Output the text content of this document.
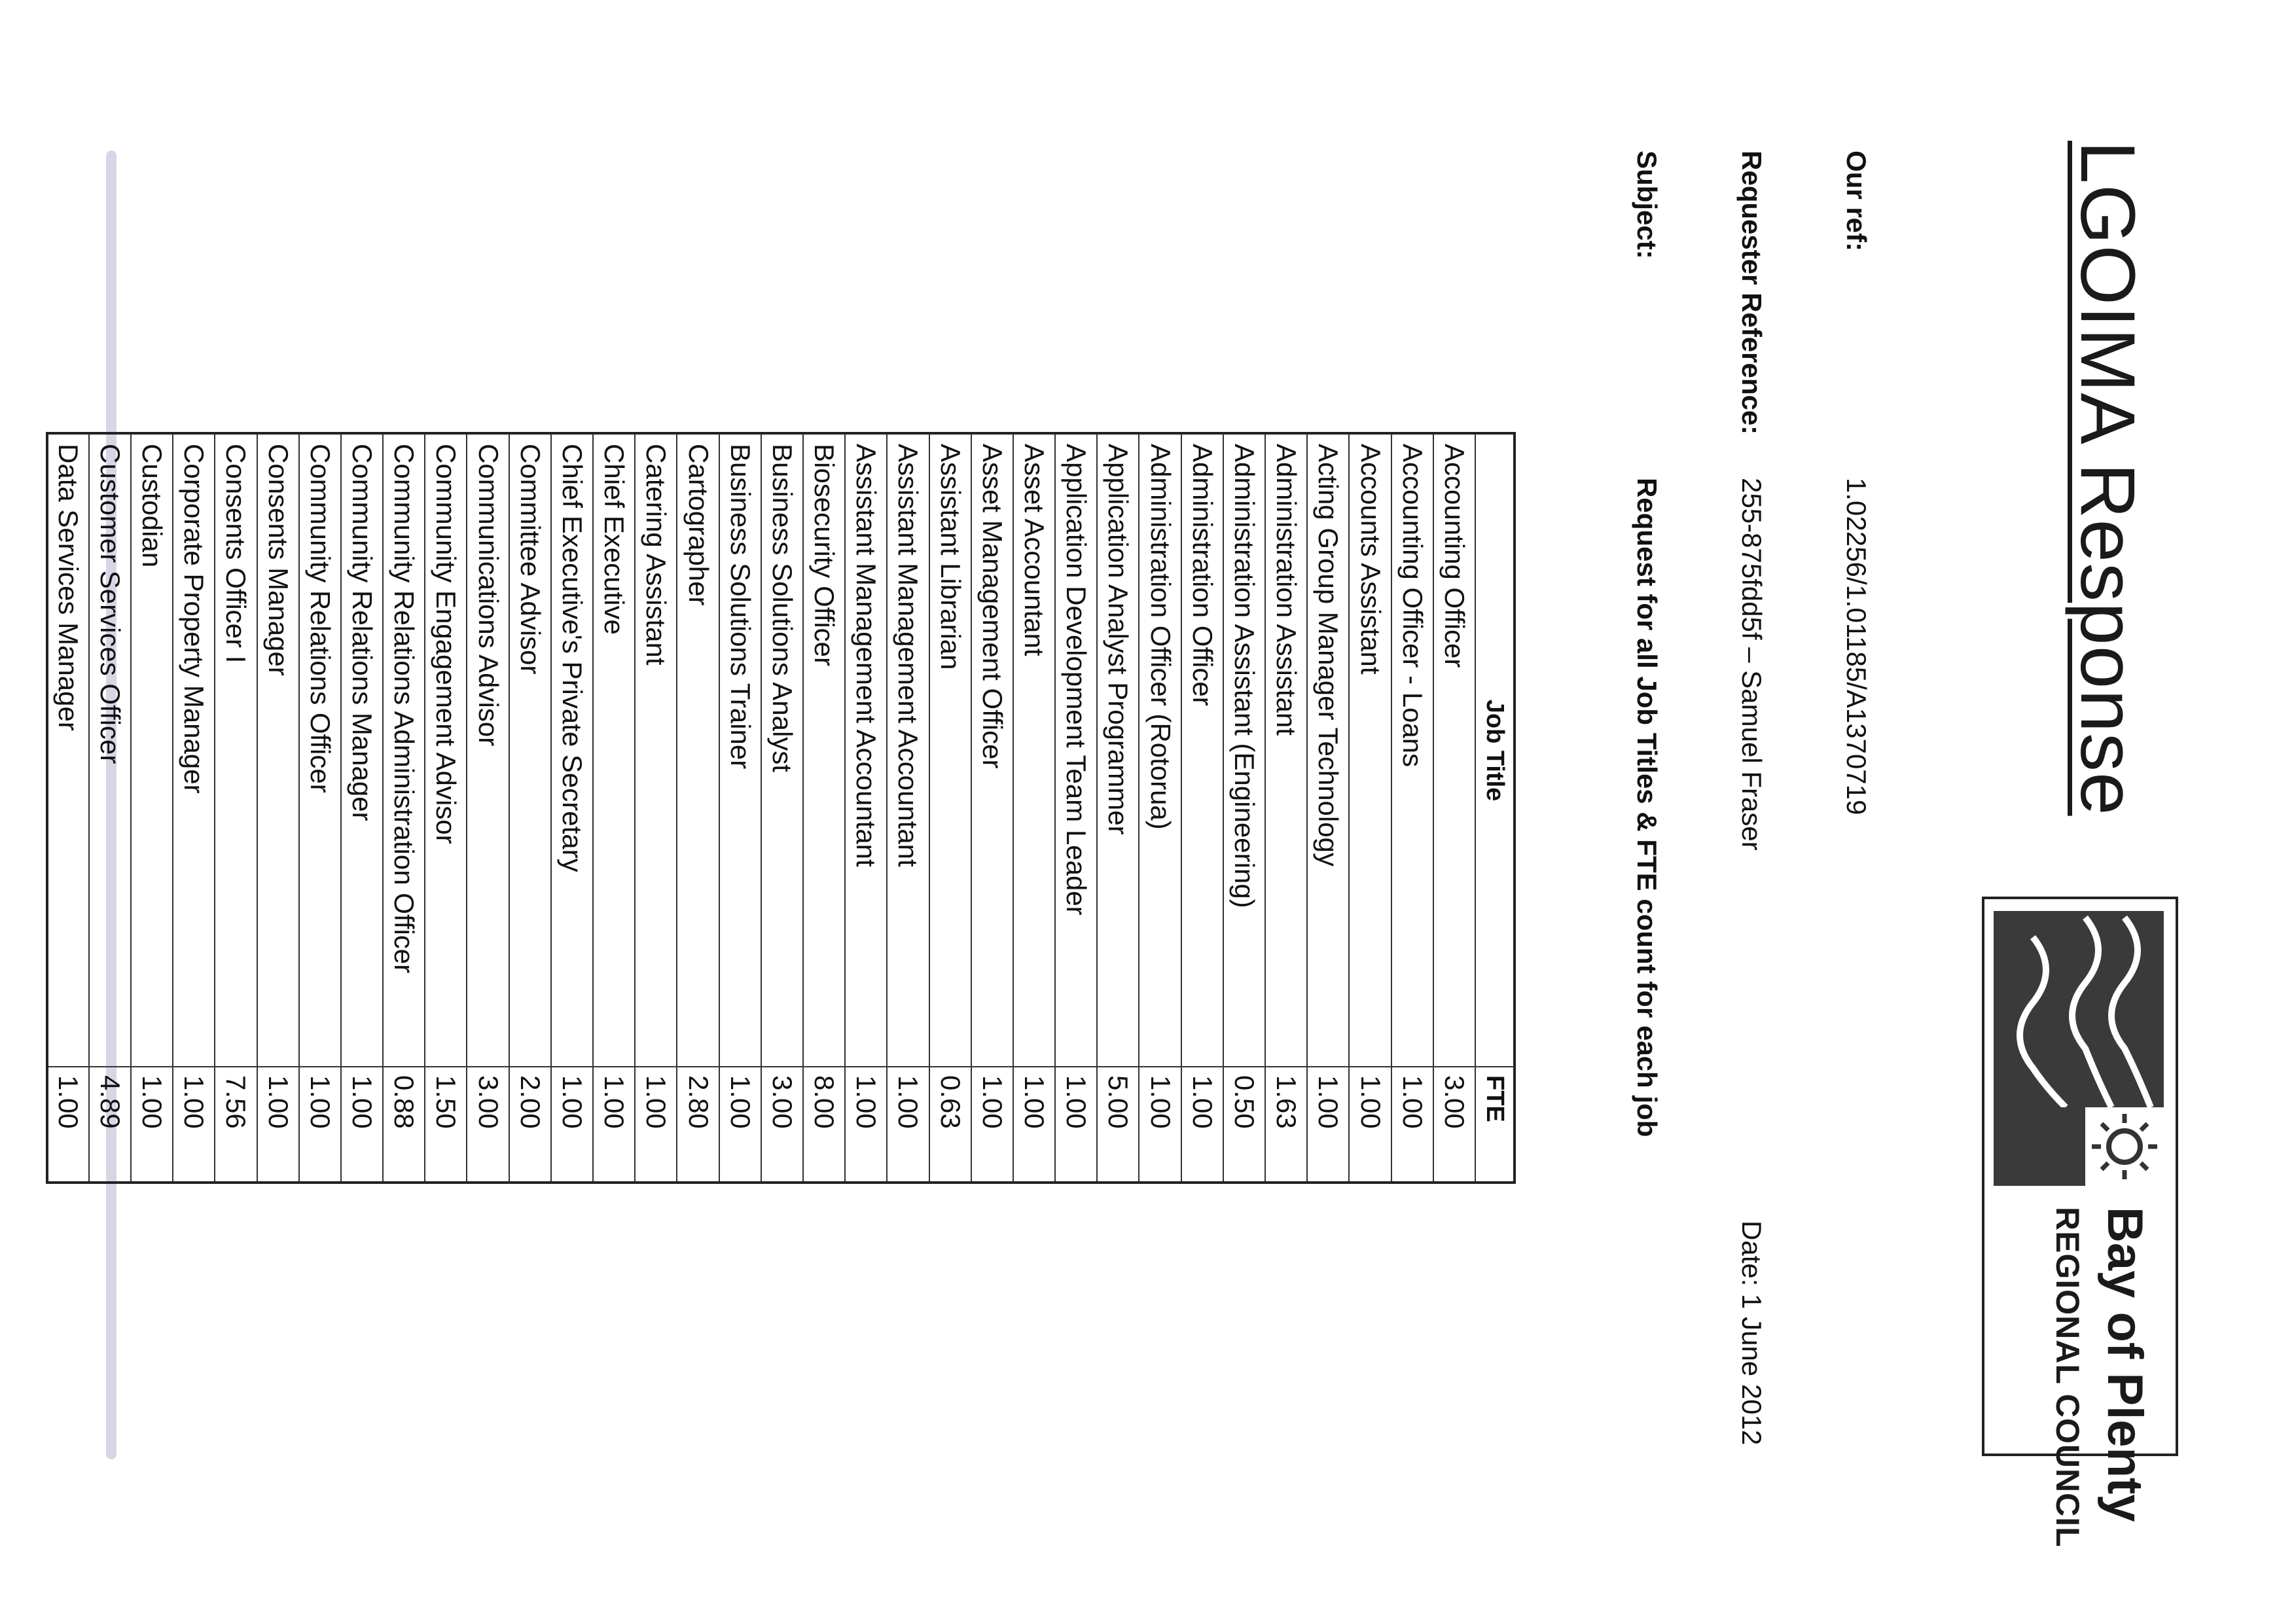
LGOIMA Response
Bay of Plenty
REGIONAL COUNCIL
Our ref:
1.02256/1.01185/A1370719
Requester Reference:
255-875fdd5f – Samuel Fraser
Date: 1 June 2012
Subject:
Request for all Job Titles & FTE count for each job
Job Title	FTE
Accounting Officer	3.00
Accounting Officer - Loans	1.00
Accounts Assistant	1.00
Acting Group Manager Technology	1.00
Administration Assistant	1.63
Administration Assistant (Engineering)	0.50
Administration Officer	1.00
Administration Officer (Rotorua)	1.00
Application Analyst Programmer	5.00
Application Development Team Leader	1.00
Asset Accountant	1.00
Asset Management Officer	1.00
Assistant Librarian	0.63
Assistant Management Accountant	1.00
Assistant Management Accountant	1.00
Biosecurity Officer	8.00
Business Solutions Analyst	3.00
Business Solutions Trainer	1.00
Cartographer	2.80
Catering Assistant	1.00
Chief Executive	1.00
Chief Executive's Private Secretary	1.00
Committee Advisor	2.00
Communications Advisor	3.00
Community Engagement Advisor	1.50
Community Relations Administration Officer	0.88
Community Relations Manager	1.00
Community Relations Officer	1.00
Consents Manager	1.00
Consents Officer I	7.56
Corporate Property Manager	1.00
Custodian	1.00
Customer Services Officer	4.89
Data Services Manager	1.00
